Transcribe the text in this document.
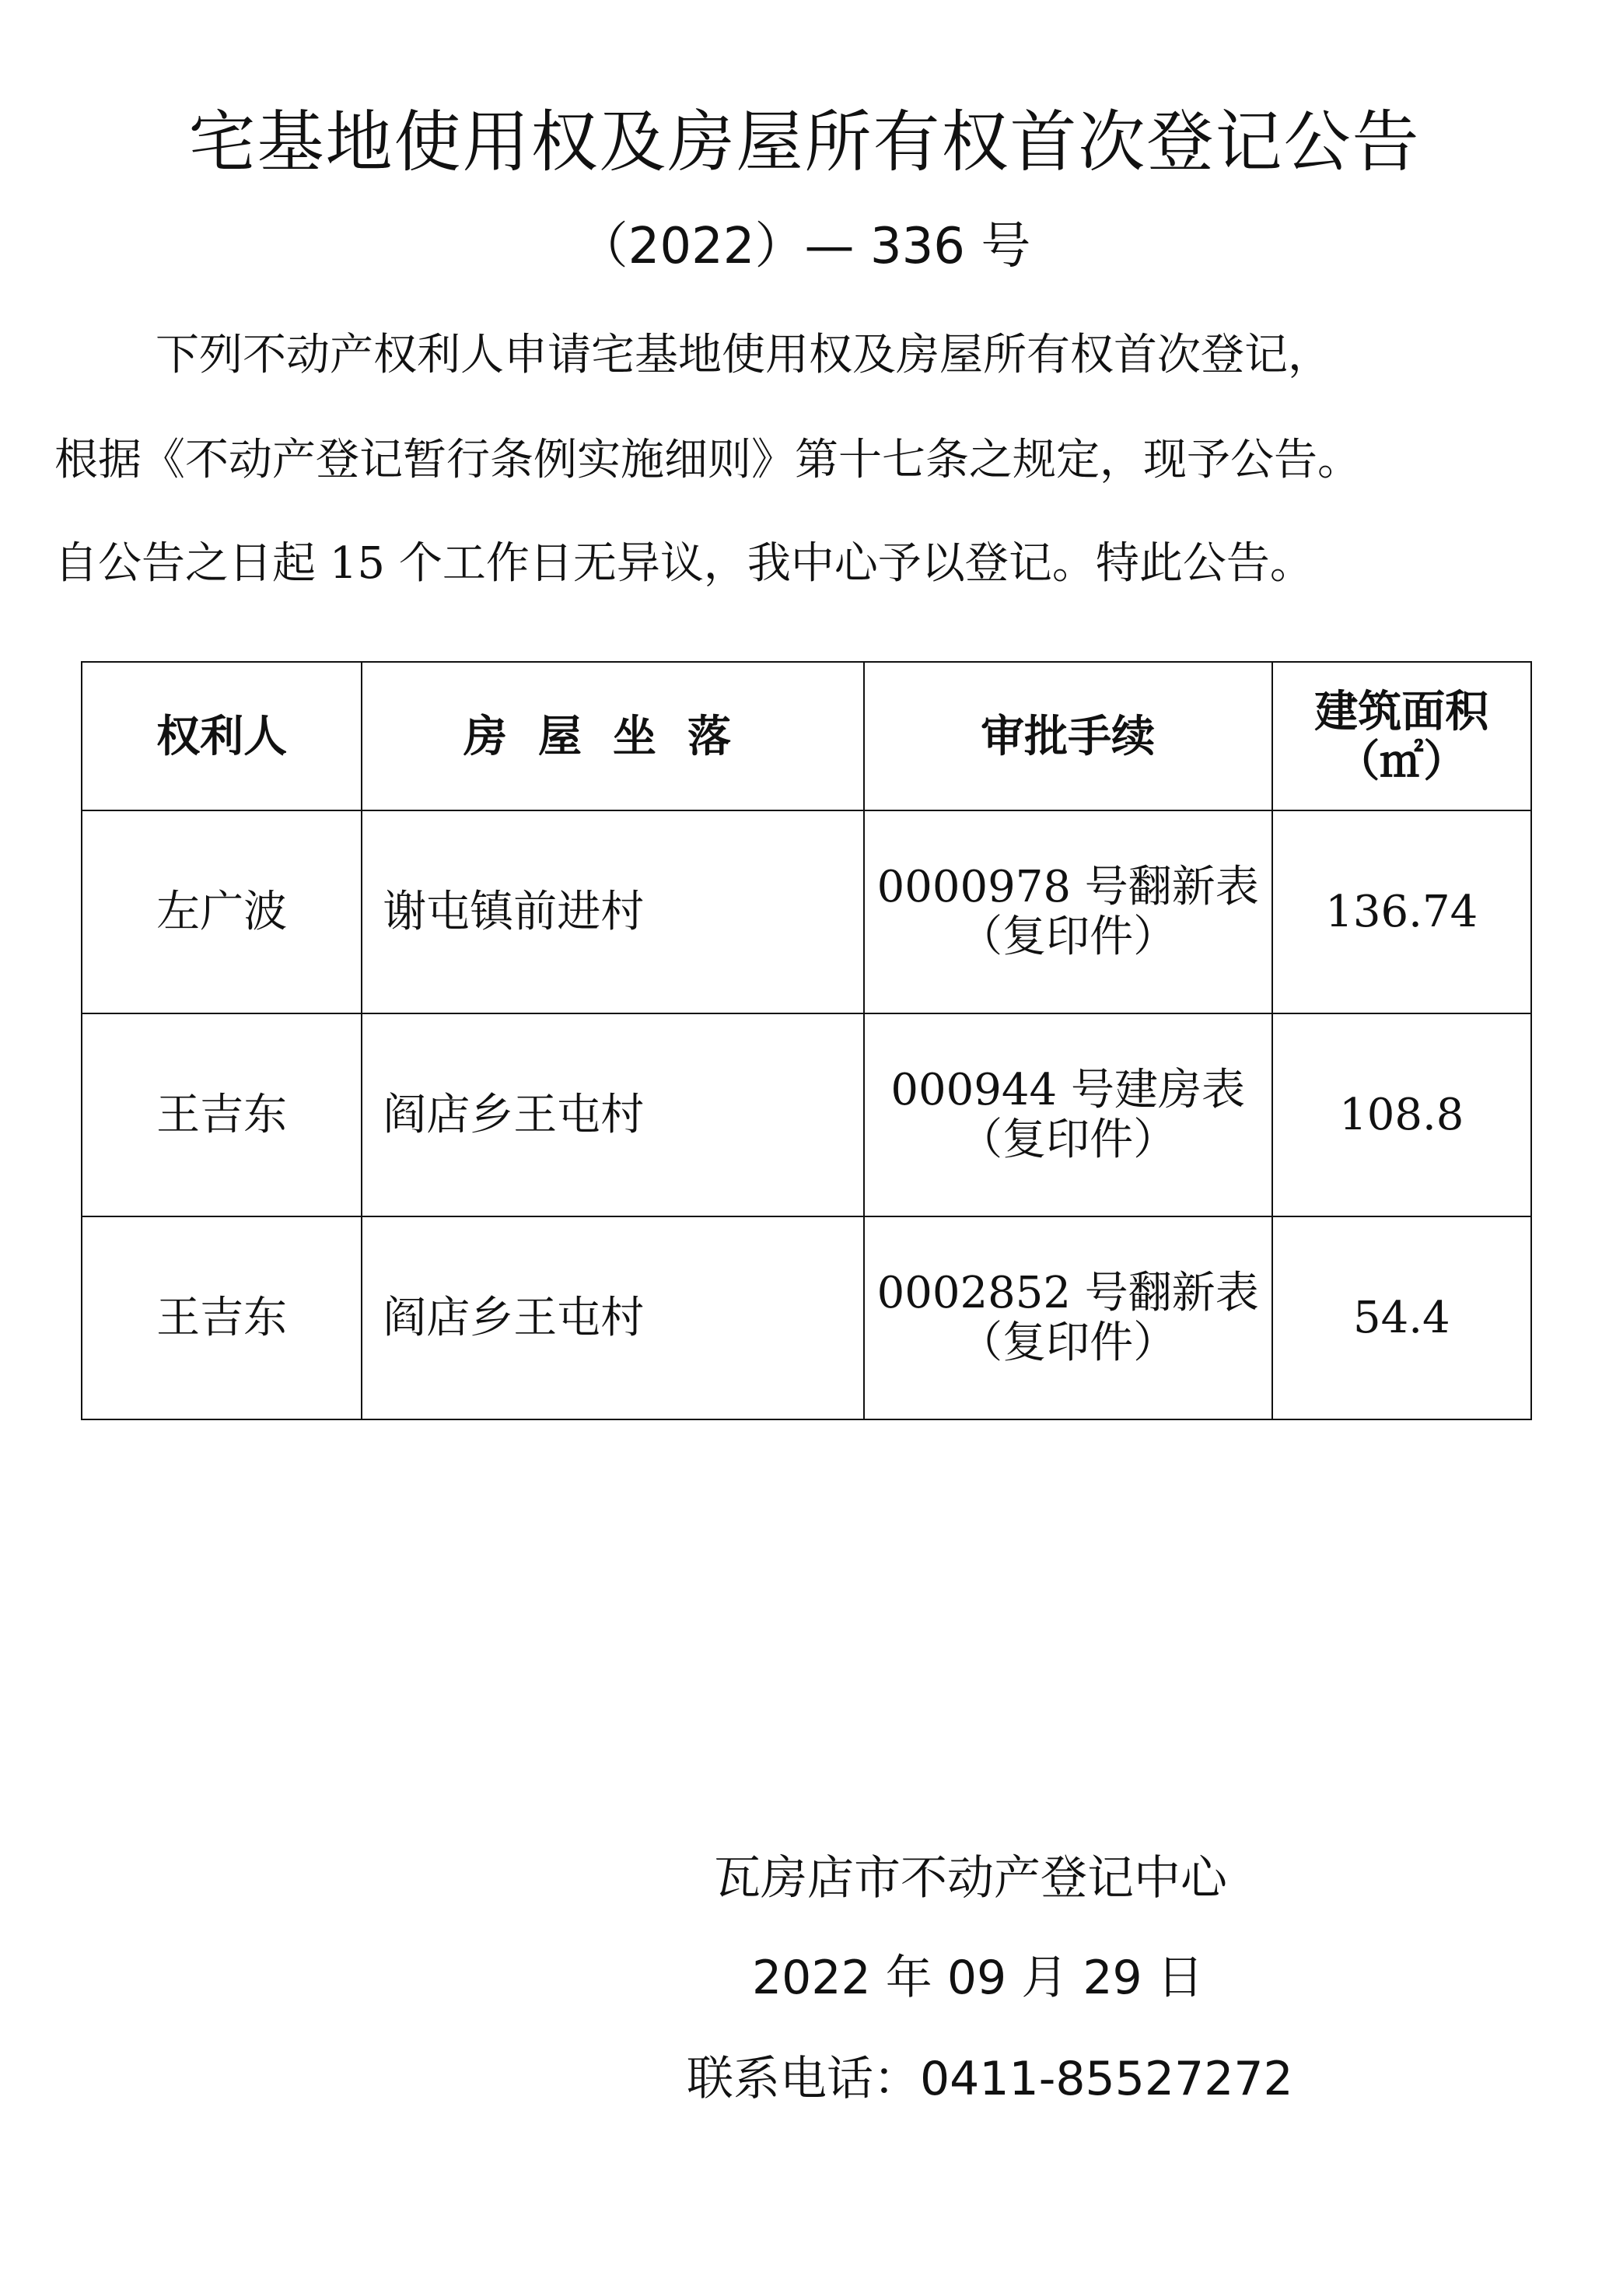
宅基地使用权及房屋所有权首次登记公告
（2022）— 336 号
下列不动产权利人申请宅基地使用权及房屋所有权首次登记，
根据《不动产登记暂行条例实施细则》第十七条之规定，现予公告。
自公告之日起 15 个工作日无异议，我中心予以登记。特此公告。
权利人	房屋坐落	审批手续	建筑面积
（㎡）

左广波	谢屯镇前进村	0000978 号翻新表
（复印件）	136.74
王吉东	阎店乡王屯村	000944 号建房表
（复印件）	108.8
王吉东	阎店乡王屯村	0002852 号翻新表
（复印件）	54.4
瓦房店市不动产登记中心
2022 年 09 月 29 日
联系电话：0411-85527272
